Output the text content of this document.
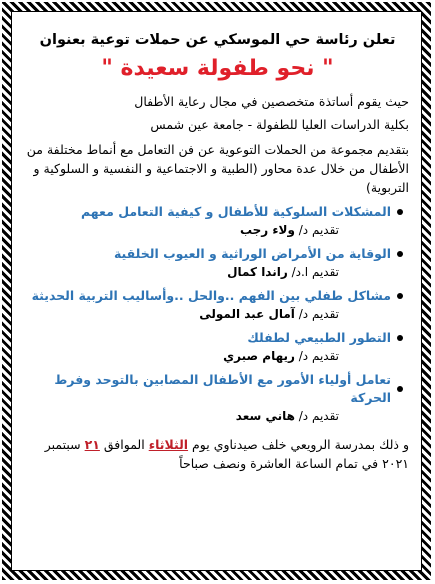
تعلن رئاسة حي الموسكي عن حملات توعية بعنوان
" نحو طفولة سعيدة "

حيث يقوم أساتذة متخصصين في مجال رعاية الأطفال

بكلية الدراسات العليا للطفولة - جامعة عين شمس

بتقديم مجموعة من الحملات التوعوية عن فن التعامل مع أنماط مختلفة من الأطفال من خلال عدة محاور (الطبية و الاجتماعية و النفسية و السلوكية و التربوية)

المشكلات السلوكية للأطفال و كيفية التعامل معهم
تقديم د/ ولاء رجب
الوقاية من الأمراض الوراثية و العيوب الخلقية
تقديم ا.د/ راندا كمال
مشاكل طفلي بين الفهم ..والحل ..وأساليب التربية الحديثة
تقديم د/ آمال عبد المولى
التطور الطبيعي لطفلك
تقديم د/ ريهام صبري
تعامل أولياء الأمور مع الأطفال المصابين بالتوحد وفرط الحركة
تقديم د/ هاني سعد

و ذلك بمدرسة الرويعي خلف صيدناوي يوم الثلاثاء الموافق ٢١ سبتمبر ٢٠٢١ في تمام الساعة العاشرة ونصف صباحاً
